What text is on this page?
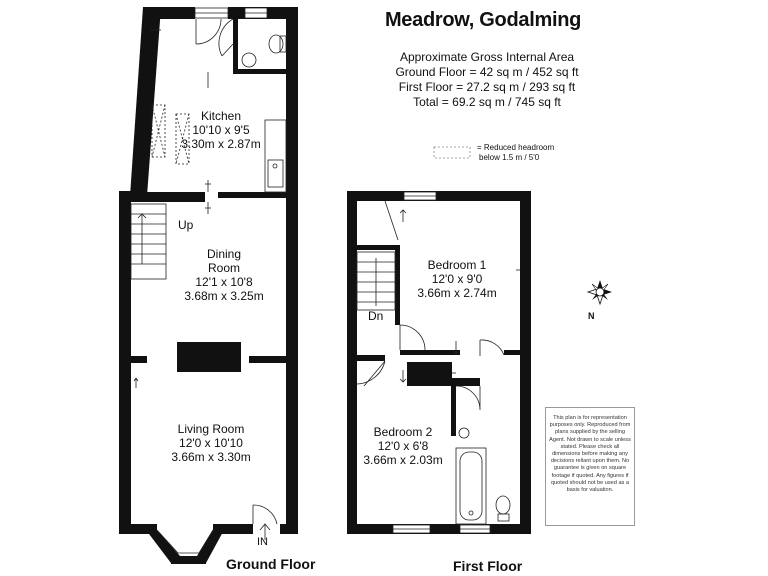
Meadrow, Godalming
Approximate Gross Internal Area
Ground Floor = 42 sq m / 452 sq ft
First Floor = 27.2 sq m / 293 sq ft
Total = 69.2 sq m / 745 sq ft
= Reduced headroom
below 1.5 m / 5'0
Kitchen
10'10 x 9'5
3.30m x 2.87m
Dining
Room
12'1 x 10'8
3.68m x 3.25m
Living Room
12'0 x 10'10
3.66m x 3.30m
Up
IN
Ground Floor
Bedroom 1
12'0 x 9'0
3.66m x 2.74m
Bedroom 2
12'0 x 6'8
3.66m x 2.03m
Dn
First Floor
N
This plan is for representation purposes only. Reproduced from plans supplied by the selling Agent. Not drawn to scale unless stated. Please check all dimensions before making any decisions reliant upon them. No guarantee is given on square footage if quoted. Any figures if quoted should not be used as a basis for valuation.
